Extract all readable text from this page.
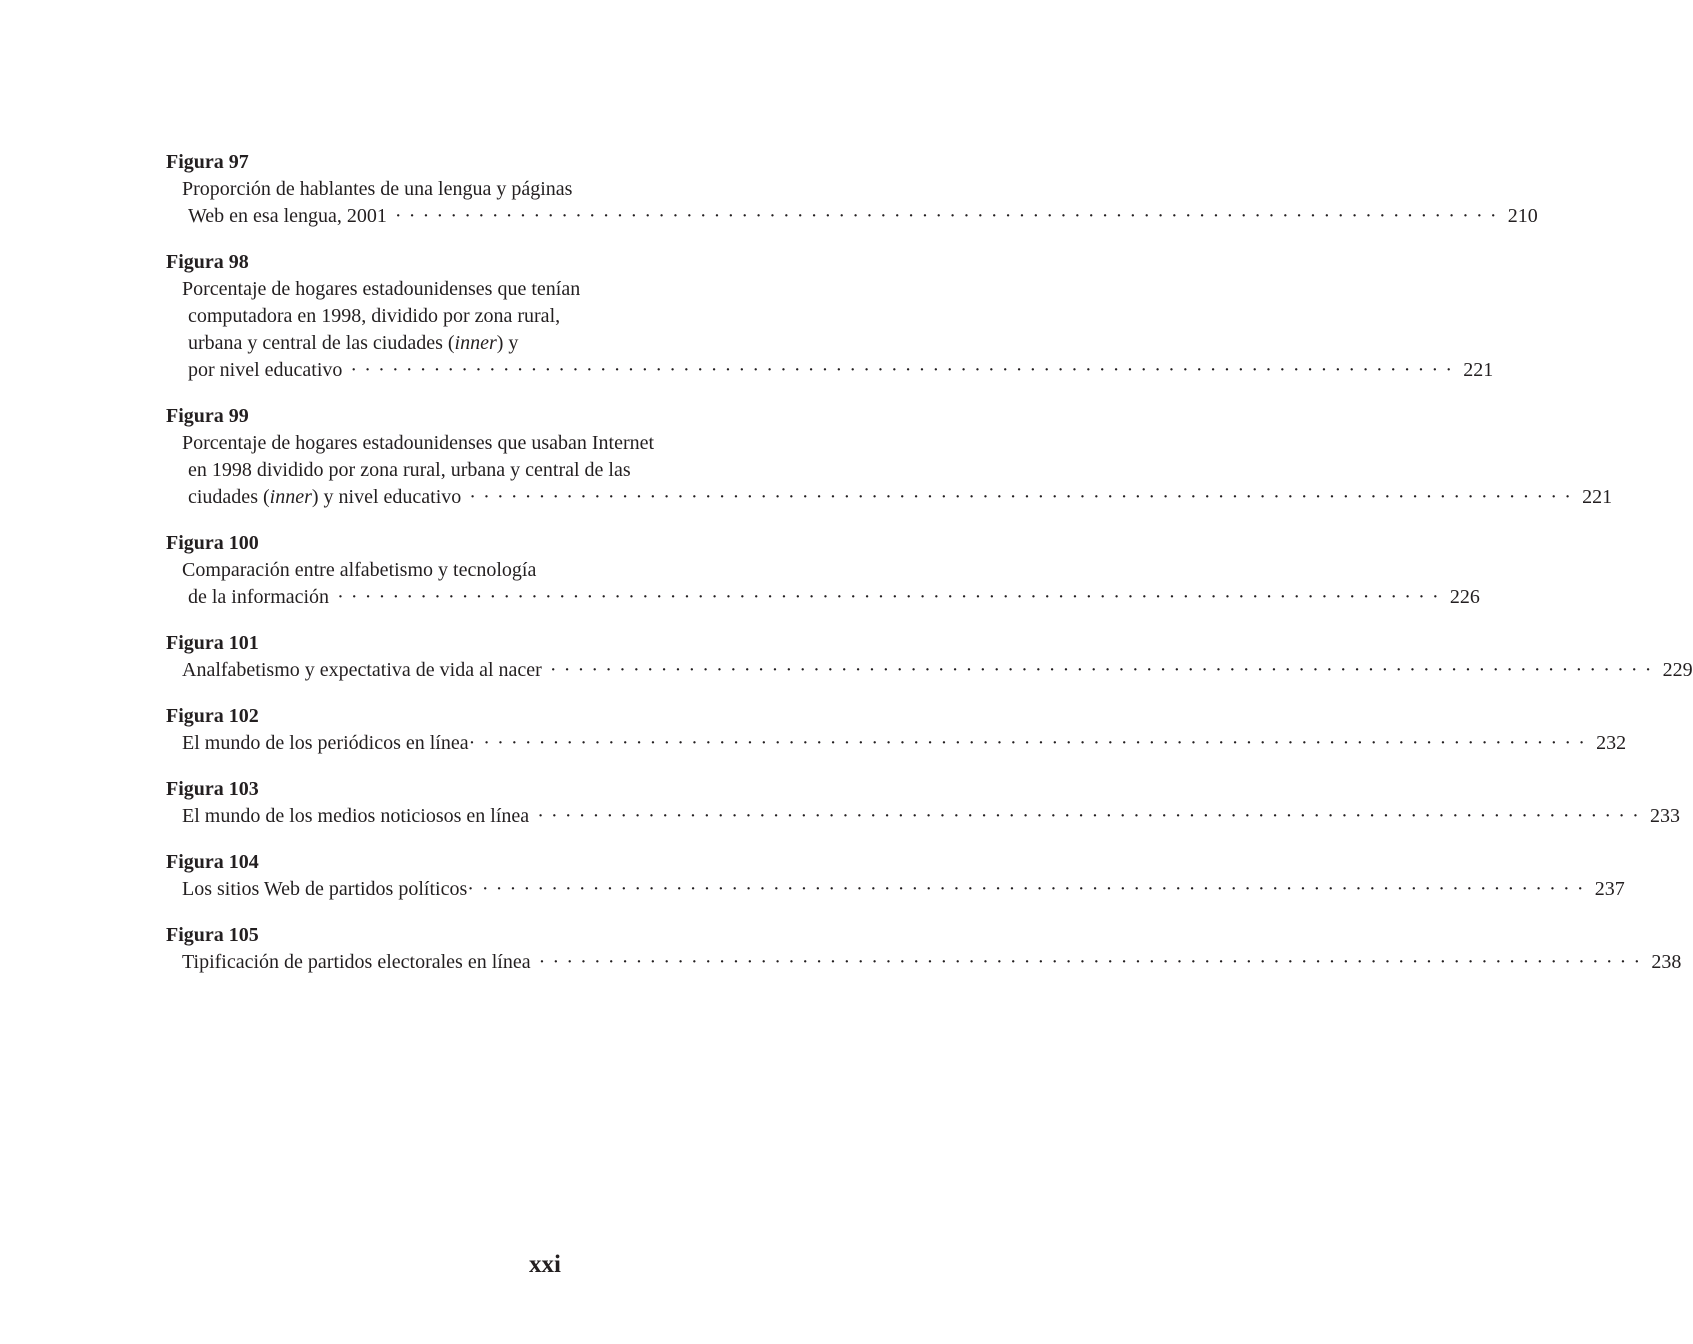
Figura 97
Proporción de hablantes de una lengua y páginas
Web en esa lengua, 2001 ················································································ 210
Figura 98
Porcentaje de hogares estadounidenses que tenían
computadora en 1998, dividido por zona rural,
urbana y central de las ciudades (inner) y
por nivel educativo ················································································ 221
Figura 99
Porcentaje de hogares estadounidenses que usaban Internet
en 1998 dividido por zona rural, urbana y central de las
ciudades (inner) y nivel educativo ················································································ 221
Figura 100
Comparación entre alfabetismo y tecnología
de la información ················································································ 226
Figura 101
Analfabetismo y expectativa de vida al nacer ················································································ 229
Figura 102
El mundo de los periódicos en línea· ················································································ 232
Figura 103
El mundo de los medios noticiosos en línea ················································································ 233
Figura 104
Los sitios Web de partidos políticos· ················································································ 237
Figura 105
Tipificación de partidos electorales en línea ················································································ 238
xxi
